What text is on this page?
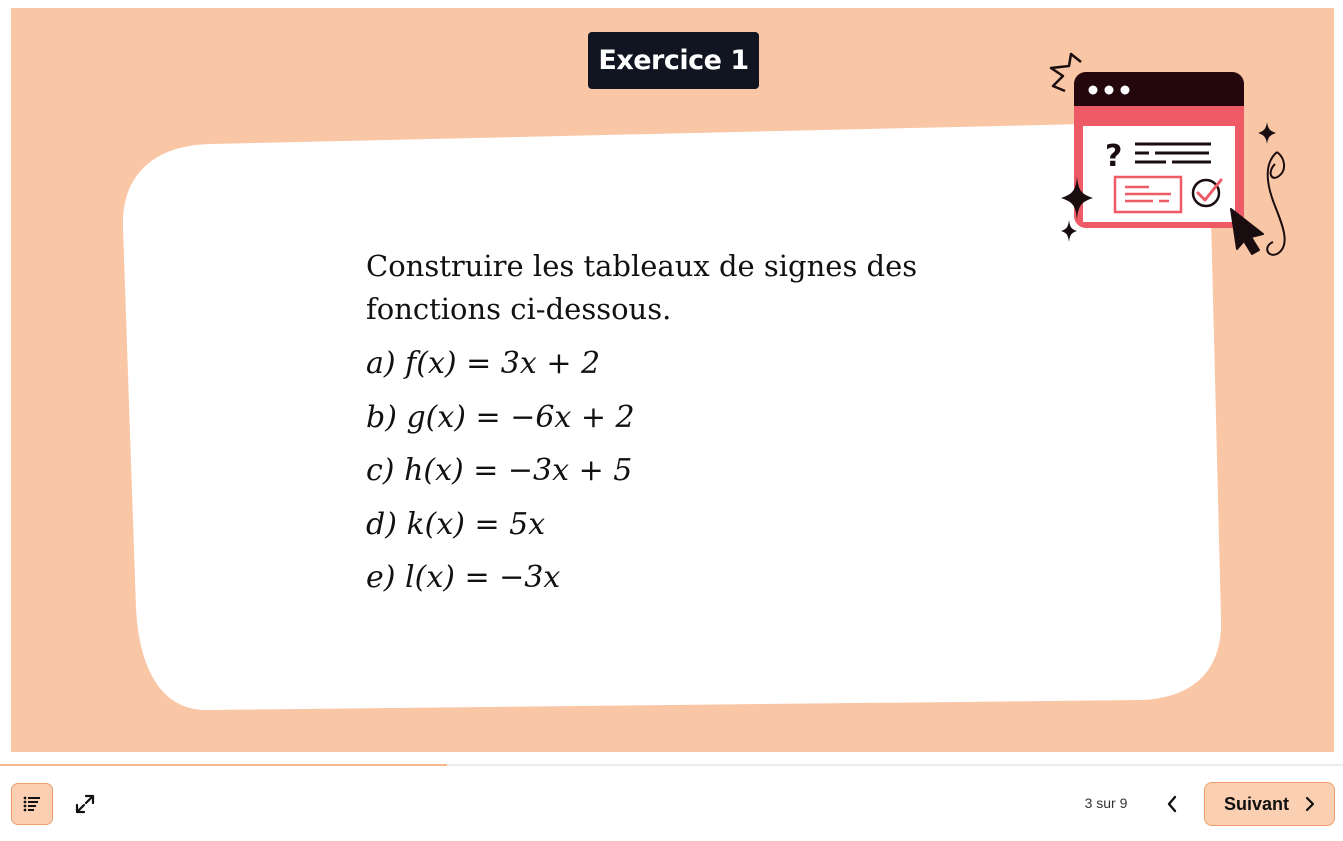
Exercice 1
?
Construire les tableaux de signes des
fonctions ci-dessous.
a) f(x) = 3x + 2
b) g(x) = −6x + 2
c) h(x) = −3x + 5
d) k(x) = 5x
e) l(x) = −3x
3 sur 9	Suivant
